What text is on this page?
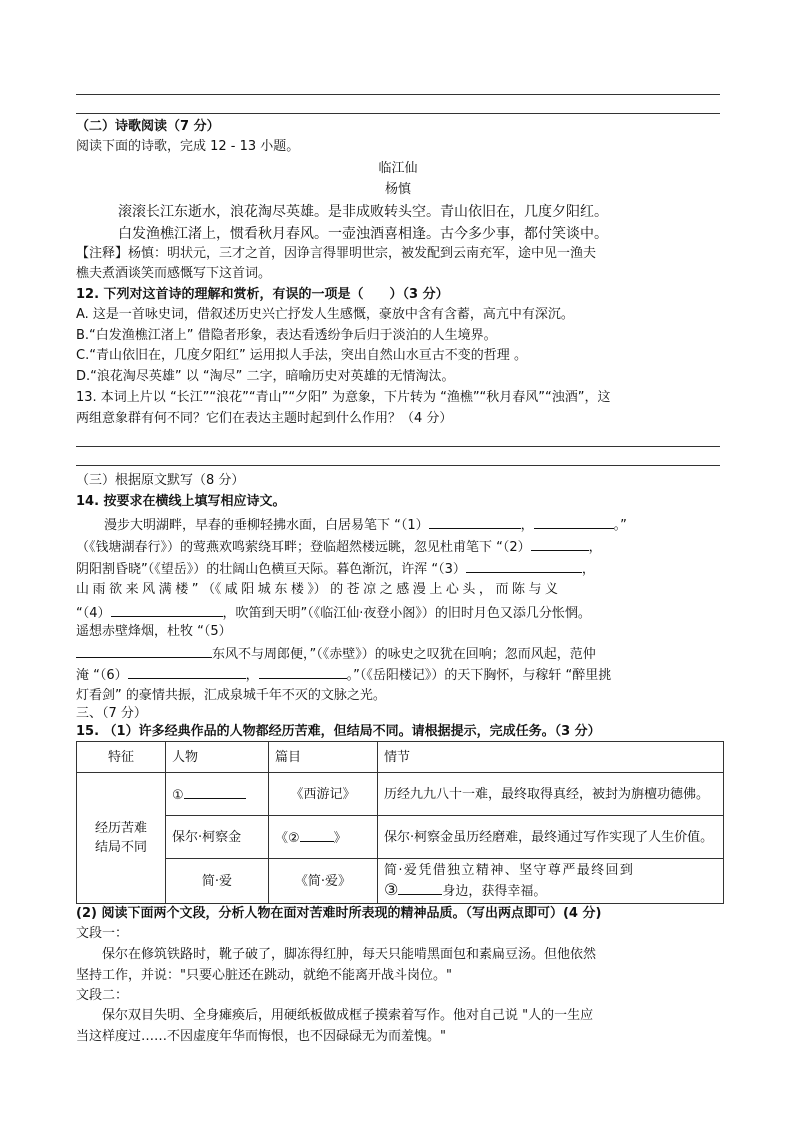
（二）诗歌阅读（7 分）
阅读下面的诗歌，完成 12 - 13 小题。
临江仙
杨慎
滚滚长江东逝水，浪花淘尽英雄。是非成败转头空。青山依旧在，几度夕阳红。
白发渔樵江渚上，惯看秋月春风。一壶浊酒喜相逢。古今多少事，都付笑谈中。
【注释】杨慎：明状元，三才之首，因诤言得罪明世宗，被发配到云南充军，途中见一渔夫
樵夫煮酒谈笑而感慨写下这首词。
12. 下列对这首诗的理解和赏析，有误的一项是（　　）（3 分）
A. 这是一首咏史词，借叙述历史兴亡抒发人生感慨，豪放中含有含蓄，高亢中有深沉。
B.“白发渔樵江渚上” 借隐者形象，表达看透纷争后归于淡泊的人生境界。
C.“青山依旧在，几度夕阳红” 运用拟人手法，突出自然山水亘古不变的哲理 。
D.“浪花淘尽英雄” 以 “淘尽” 二字，暗喻历史对英雄的无情淘汰。
13. 本词上片以 “长江”“浪花”“青山”“夕阳” 为意象，下片转为 “渔樵”“秋月春风”“浊酒”，这
两组意象群有何不同？它们在表达主题时起到什么作用？（4 分）
（三）根据原文默写（8 分）
14. 按要求在横线上填写相应诗文。
漫步大明湖畔，早春的垂柳轻拂水面，白居易笔下 “（1）	，	。”
（《钱塘湖春行》）的莺燕欢鸣萦绕耳畔；登临超然楼远眺，忽见杜甫笔下 “（2）	，
阴阳割昏晓”（《望岳》）的壮阔山色横亘天际。暮色渐沉，许浑 “（3）	，
山 雨 欲 来 风 满 楼 ” （《 咸 阳 城 东 楼 》） 的 苍 凉 之 感 漫 上 心 头 ， 而 陈 与 义
“（4）	，吹笛到天明”（《临江仙·夜登小阁》）的旧时月色又添几分怅惘。
遥想赤壁烽烟，杜牧 “（5）
东风不与周郎便，”（《赤壁》）的咏史之叹犹在回响；忽而风起，范仲
淹 “（6）	，	。”（《岳阳楼记》）的天下胸怀，与稼轩 “醉里挑
灯看剑” 的豪情共振，汇成泉城千年不灭的文脉之光。
三、（7 分）
15. （1）许多经典作品的人物都经历苦难，但结局不同。请根据提示，完成任务。（3 分）
特征	人物	篇目	情节

经历苦难
结局不同	①	《西游记》	历经九九八十一难，最终取得真经，被封为旃檀功德佛。
	保尔·柯察金	《② 》	保尔·柯察金虽历经磨难，最终通过写作实现了人生价值。
	简·爱	《简·爱》	简·爱凭借独立精神、坚守尊严最终回到
③ 身边，获得幸福。
(2) 阅读下面两个文段，分析人物在面对苦难时所表现的精神品质。（写出两点即可）(4 分)
文段一：
保尔在修筑铁路时，靴子破了，脚冻得红肿，每天只能啃黑面包和素扁豆汤。但他依然
坚持工作，并说："只要心脏还在跳动，就绝不能离开战斗岗位。"
文段二：
保尔双目失明、全身瘫痪后，用硬纸板做成框子摸索着写作。他对自己说 "人的一生应
当这样度过……不因虚度年华而悔恨，也不因碌碌无为而羞愧。"
